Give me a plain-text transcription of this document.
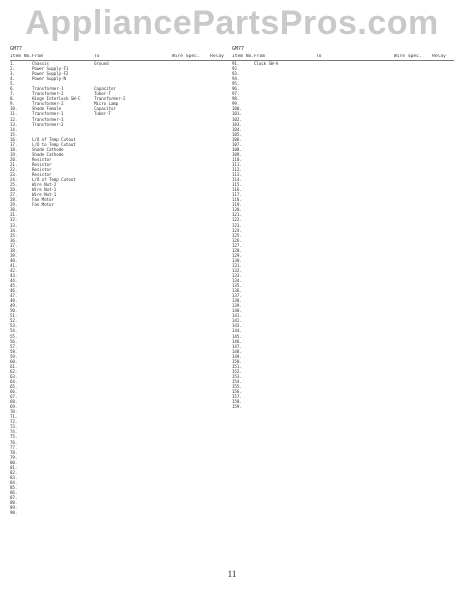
AppliancePartsPros.com
GM77
Item No. From	To	Wire Spec.	Relay
1.	Chassis	Ground
2.	Power Supply-F1
3.	Power Supply-F2
4.	Power Supply-N
5.
6.	Transformer-1	Capacitor
7.	Transformer-2	Tuber-T
8.	Hinge Interlock SW-C	Transformer-2
9.	Transformer-2	Micro Lamp
10.	Shade Female	Capacitor
11.	Transformer-1	Tuber-T
12.	Transformer-1
13.	Transformer-2
14.
15.
16.	L/O of Temp Cutout
17.	L/O to Temp Cutout
18.	Shade Cathode
19.	Shade Cathode
20.	Resistor
21.	Resistor
22.	Resistor
23.	Resistor
24.	L/O of Temp Cutout
25.	Wire Nut-2
26.	Wire Nut-1
27.	Wire Nut-1
28.	Fan Motor
29.	Fan Motor
30.
31.
32.
33.
34.
35.
36.
37.
38.
39.
40.
41.
42.
43.
44.
45.
46.
47.
48.
49.
50.
51.
52.
53.
54.
55.
56.
57.
58.
59.
60.
61.
62.
63.
64.
65.
66.
67.
68.
69.
70.
71.
72.
73.
74.
75.
76.
77.
78.
79.
80.
81.
82.
83.
84.
85.
86.
87.
88.
89.
90.
GM77
Item No. From	To	Wire Spec.	Relay
91.	Clock SW-A
92.
93.
94.
95.
96.
97.
98.
99.
100.
101.
102.
103.
104.
105.
106.
107.
108.
109.
110.
111.
112.
113.
114.
115.
116.
117.
118.
119.
120.
121.
122.
123.
124.
125.
126.
127.
128.
129.
130.
131.
132.
133.
134.
135.
136.
137.
138.
139.
140.
141.
142.
143.
144.
145.
146.
147.
148.
149.
150.
151.
152.
153.
154.
155.
156.
157.
158.
159.
11
